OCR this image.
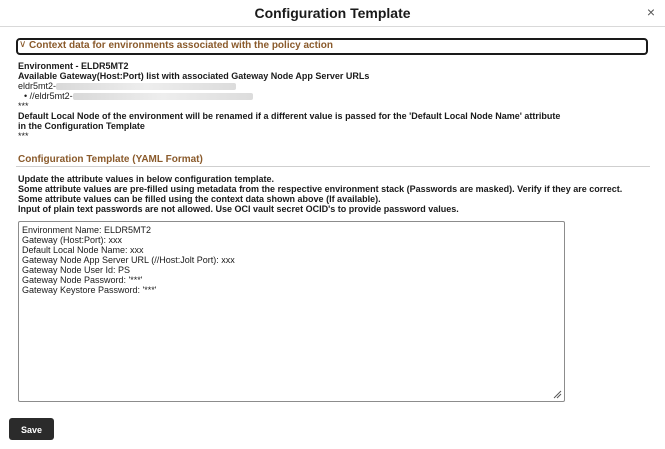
Configuration Template	×
∨ Context data for environments associated with the policy action
Environment - ELDR5MT2
Available Gateway(Host:Port) list with associated Gateway Node App Server URLs
eldr5mt2-
• //eldr5mt2-
***
Default Local Node of the environment will be renamed if a different value is passed for the 'Default Local Node Name' attribute
in the Configuration Template
***
Configuration Template (YAML Format)
Update the attribute values in below configuration template.
Some attribute values are pre-filled using metadata from the respective environment stack (Passwords are masked). Verify if they are correct.
Some attribute values can be filled using the context data shown above (If available).
Input of plain text passwords are not allowed. Use OCI vault secret OCID's to provide password values.
Environment Name: ELDR5MT2
Gateway (Host:Port): xxx
Default Local Node Name: xxx
Gateway Node App Server URL (//Host:Jolt Port): xxx
Gateway Node User Id: PS
Gateway Node Password: '***'
Gateway Keystore Password: '***'
Save
